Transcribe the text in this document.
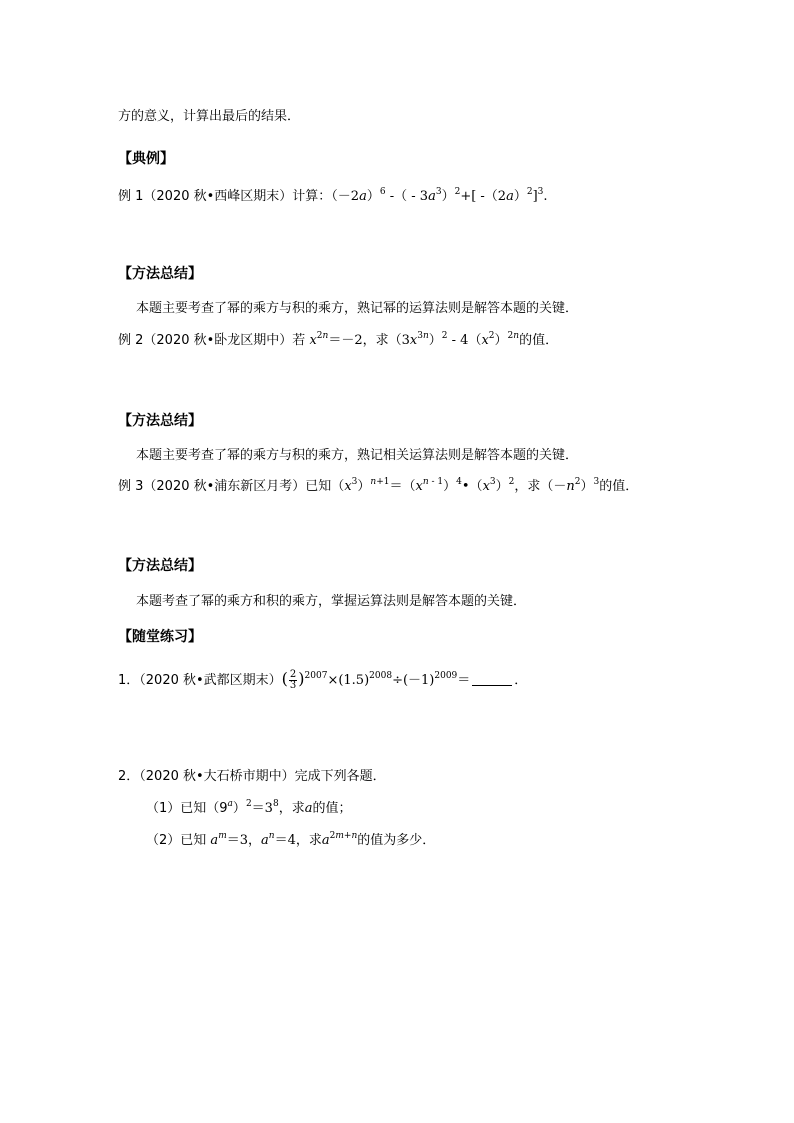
方的意义，计算出最后的结果．
【典例】
例 1（2020 秋•西峰区期末）计算：$(-2a)^6$ -（ - $3a^3)^2+$[ $-(2a)^2]^3$.
【方法总结】
本题主要考查了幂的乘方与积的乘方，熟记幂的运算法则是解答本题的关键．
例 2（2020 秋•卧龙区期中）若 $x^{2n}=-2$，求$(3x^{3n})^2 - 4(x^2)^{2n}$的值．
【方法总结】
本题主要考查了幂的乘方与积的乘方，熟记相关运算法则是解答本题的关键．
例 3（2020 秋•浦东新区月考）已知$(x^3)^{n+1}=(x^{n - 1})^4•(x^3)^2$，求$(-n^2)^3$的值．
【方法总结】
本题考查了幂的乘方和积的乘方，掌握运算法则是解答本题的关键．
【随堂练习】
1．（2020 秋•武都区期末）( $\frac{2}{3} )^{2007}\times(1.5)^{2008}\div(-1)^{2009}=$	．
2．（2020 秋•大石桥市期中）完成下列各题．
（1）已知$(9^a)^2=3^8$，求a的值；
（2）已知 $a^m=3$，$a^n=4$，求$a^{2m+n}$的值为多少．
